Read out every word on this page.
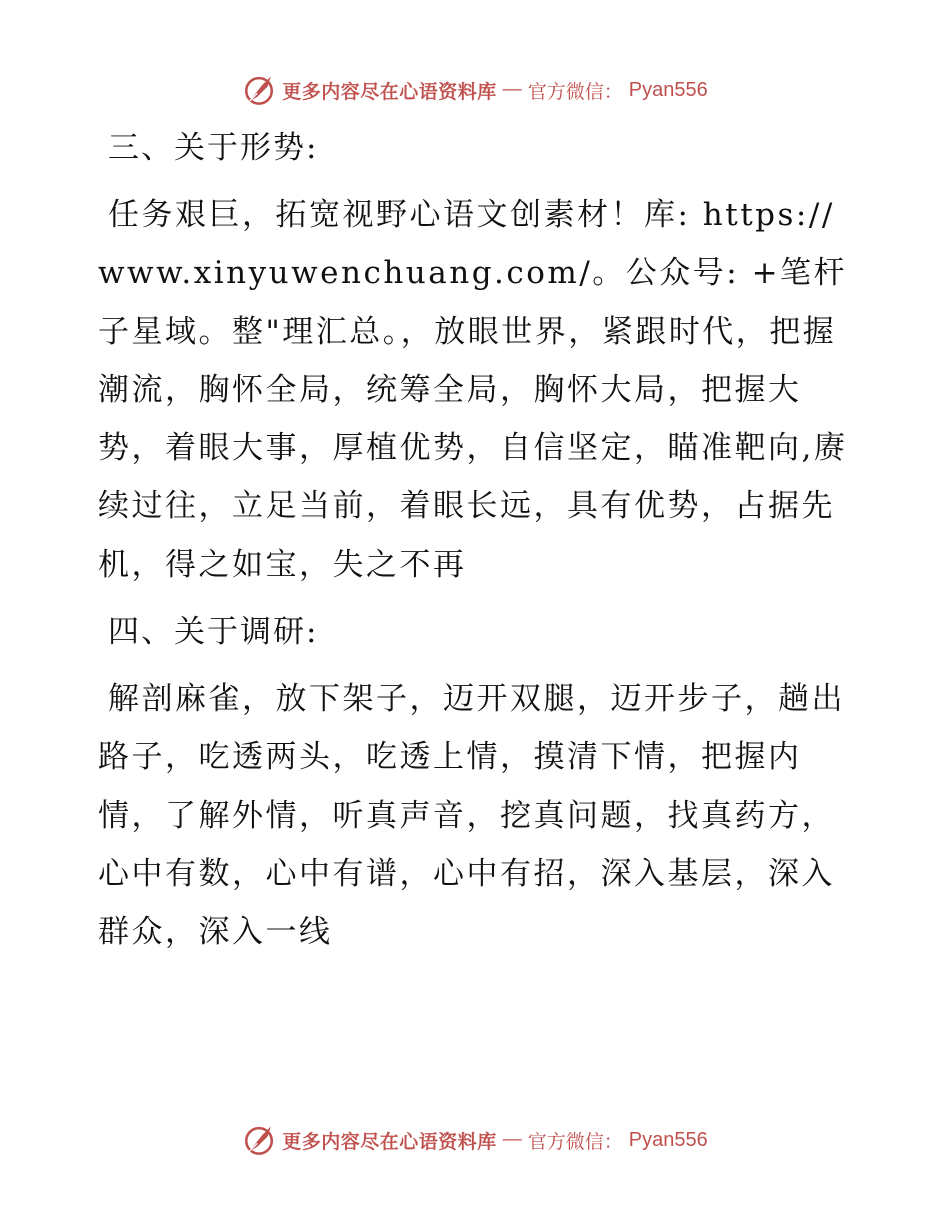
更多内容尽在心语资料库 — 官方微信： Pyan556
三、关于形势:
任务艰巨，拓宽视野心语文创素材！库: https://www.xinyuwenchuang.com/。公众号: +笔杆子星域。整"理汇总。，放眼世界，紧跟时代，把握潮流，胸怀全局，统筹全局，胸怀大局，把握大势，着眼大事，厚植优势，自信坚定，瞄准靶向,赓续过往，立足当前，着眼长远，具有优势，占据先机，得之如宝，失之不再
四、关于调研:
解剖麻雀，放下架子，迈开双腿，迈开步子，趟出路子，吃透两头，吃透上情，摸清下情，把握内情，了解外情，听真声音，挖真问题，找真药方，心中有数，心中有谱，心中有招，深入基层，深入群众，深入一线
更多内容尽在心语资料库 — 官方微信： Pyan556
